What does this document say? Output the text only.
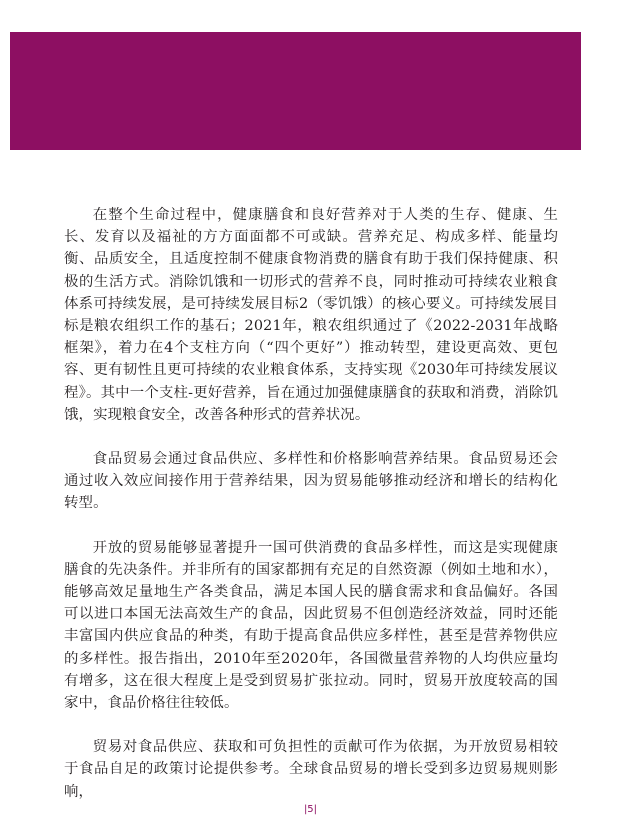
在整个生命过程中，健康膳食和良好营养对于人类的生存、健康、生长、发育以及福祉的方方面面都不可或缺。营养充足、构成多样、能量均衡、品质安全，且适度控制不健康食物消费的膳食有助于我们保持健康、积极的生活方式。消除饥饿和一切形式的营养不良，同时推动可持续农业粮食体系可持续发展，是可持续发展目标2（零饥饿）的核心要义。可持续发展目标是粮农组织工作的基石；2021年，粮农组织通过了《2022-2031年战略框架》，着力在4个支柱方向（“四个更好”）推动转型，建设更高效、更包容、更有韧性且更可持续的农业粮食体系，支持实现《2030年可持续发展议程》。其中一个支柱-更好营养，旨在通过加强健康膳食的获取和消费，消除饥饿，实现粮食安全，改善各种形式的营养状况。

食品贸易会通过食品供应、多样性和价格影响营养结果。食品贸易还会通过收入效应间接作用于营养结果，因为贸易能够推动经济和增长的结构化转型。

开放的贸易能够显著提升一国可供消费的食品多样性，而这是实现健康膳食的先决条件。并非所有的国家都拥有充足的自然资源（例如土地和水），能够高效足量地生产各类食品，满足本国人民的膳食需求和食品偏好。各国可以进口本国无法高效生产的食品，因此贸易不但创造经济效益，同时还能丰富国内供应食品的种类，有助于提高食品供应多样性，甚至是营养物供应的多样性。报告指出，2010年至2020年，各国微量营养物的人均供应量均有增多，这在很大程度上是受到贸易扩张拉动。同时，贸易开放度较高的国家中，食品价格往往较低。

贸易对食品供应、获取和可负担性的贡献可作为依据，为开放贸易相较于食品自足的政策讨论提供参考。全球食品贸易的增长受到多边贸易规则影响，

|5|
